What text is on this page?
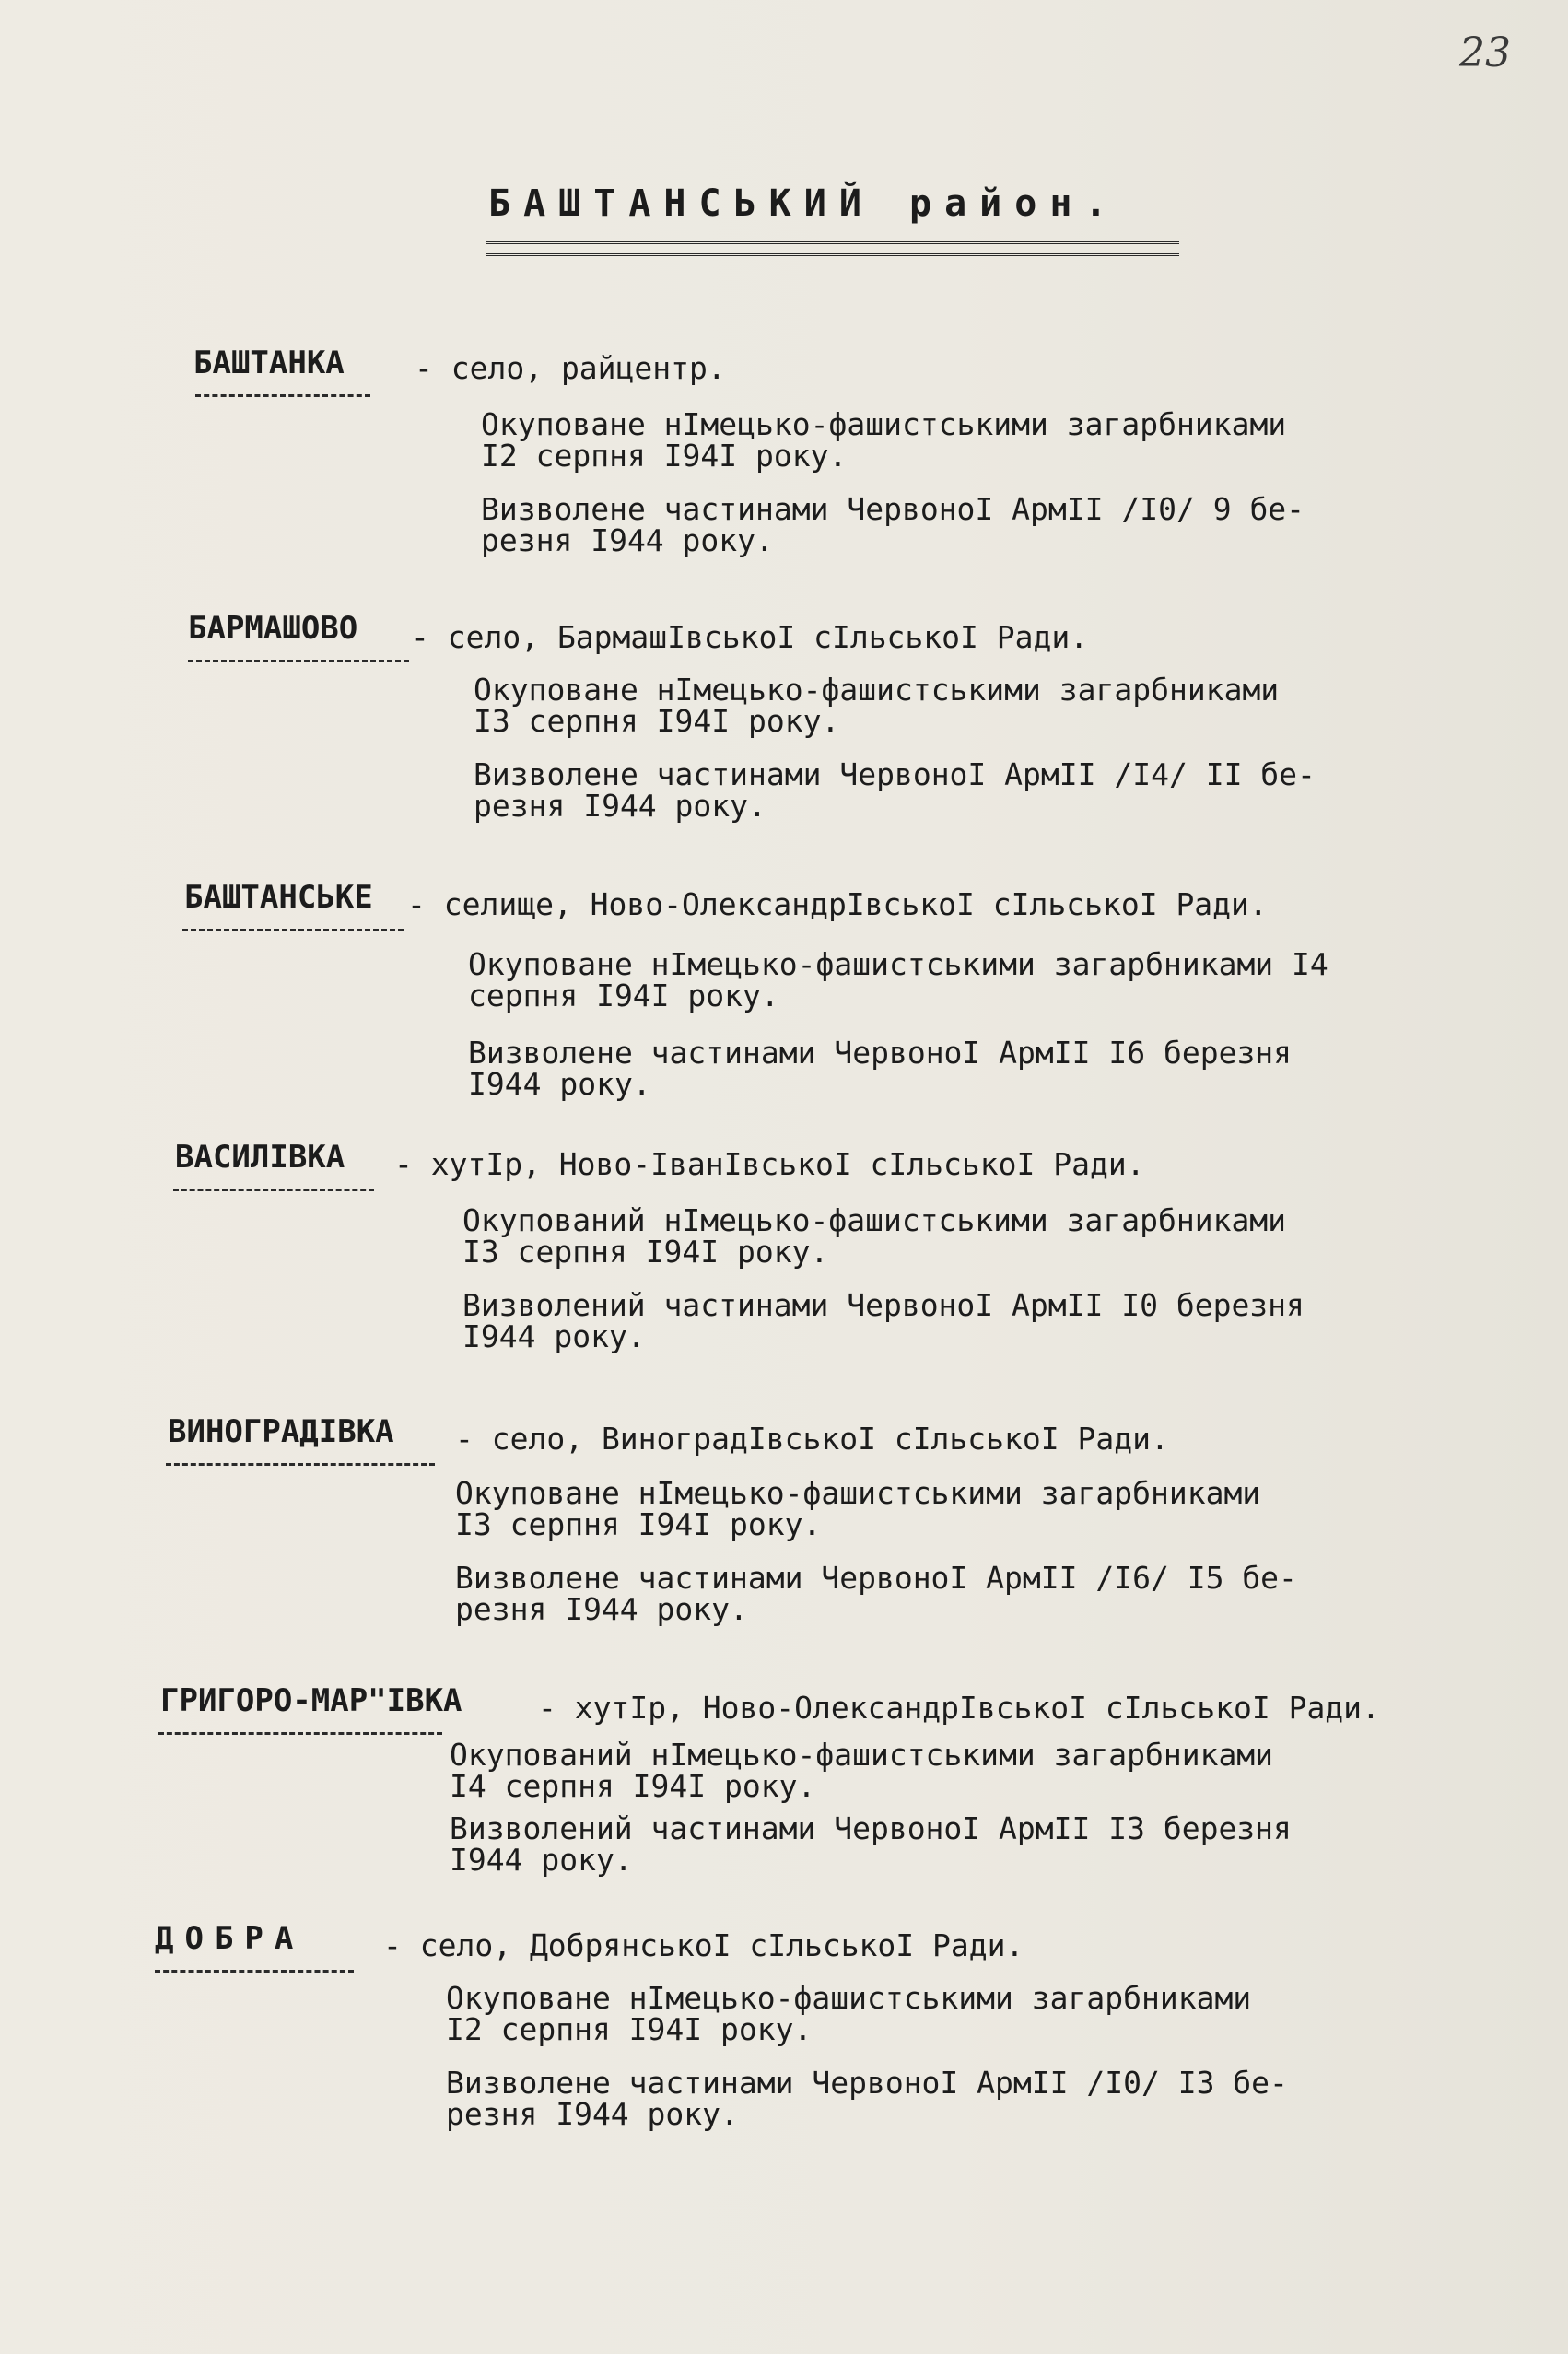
23
БАШТАНСЬКИЙ район.
БАШТАНКА - село, райцентр.
Окуповане нІмецько-фашистськими загарбниками
І2 серпня І94І року.
Визволене частинами ЧервоноІ АрмІІ /І0/ 9 бе-
резня І944 року.
БАРМАШОВО - село, БармашІвськоІ сІльськоІ Ради.
Окуповане нІмецько-фашистськими загарбниками
І3 серпня І94І року.
Визволене частинами ЧервоноІ АрмІІ /І4/ ІІ бе-
резня І944 року.
БАШТАНСЬКЕ - селище, Ново-ОлександрІвськоІ сІльськоІ Ради.
Окуповане нІмецько-фашистськими загарбниками І4
серпня І94І року.
Визволене частинами ЧервоноІ АрмІІ І6 березня
І944 року.
ВАСИЛІВКА - хутІр, Ново-ІванІвськоІ сІльськоІ Ради.
Окупований нІмецько-фашистськими загарбниками
І3 серпня І94І року.
Визволений частинами ЧервоноІ АрмІІ І0 березня
І944 року.
ВИНОГРАДІВКА - село, ВиноградІвськоІ сІльськоІ Ради.
Окуповане нІмецько-фашистськими загарбниками
І3 серпня І94І року.
Визволене частинами ЧервоноІ АрмІІ /І6/ І5 бе-
резня І944 року.
ГРИГОРО-МАР"ІВКА - хутІр, Ново-ОлександрІвськоІ сІльськоІ Ради.
Окупований нІмецько-фашистськими загарбниками
І4 серпня І94І року.
Визволений частинами ЧервоноІ АрмІІ І3 березня
І944 року.
ДОБРА	- село, ДобрянськоІ сІльськоІ Ради.
Окуповане нІмецько-фашистськими загарбниками
І2 серпня І94І року.
Визволене частинами ЧервоноІ АрмІІ /І0/ І3 бе-
резня І944 року.
